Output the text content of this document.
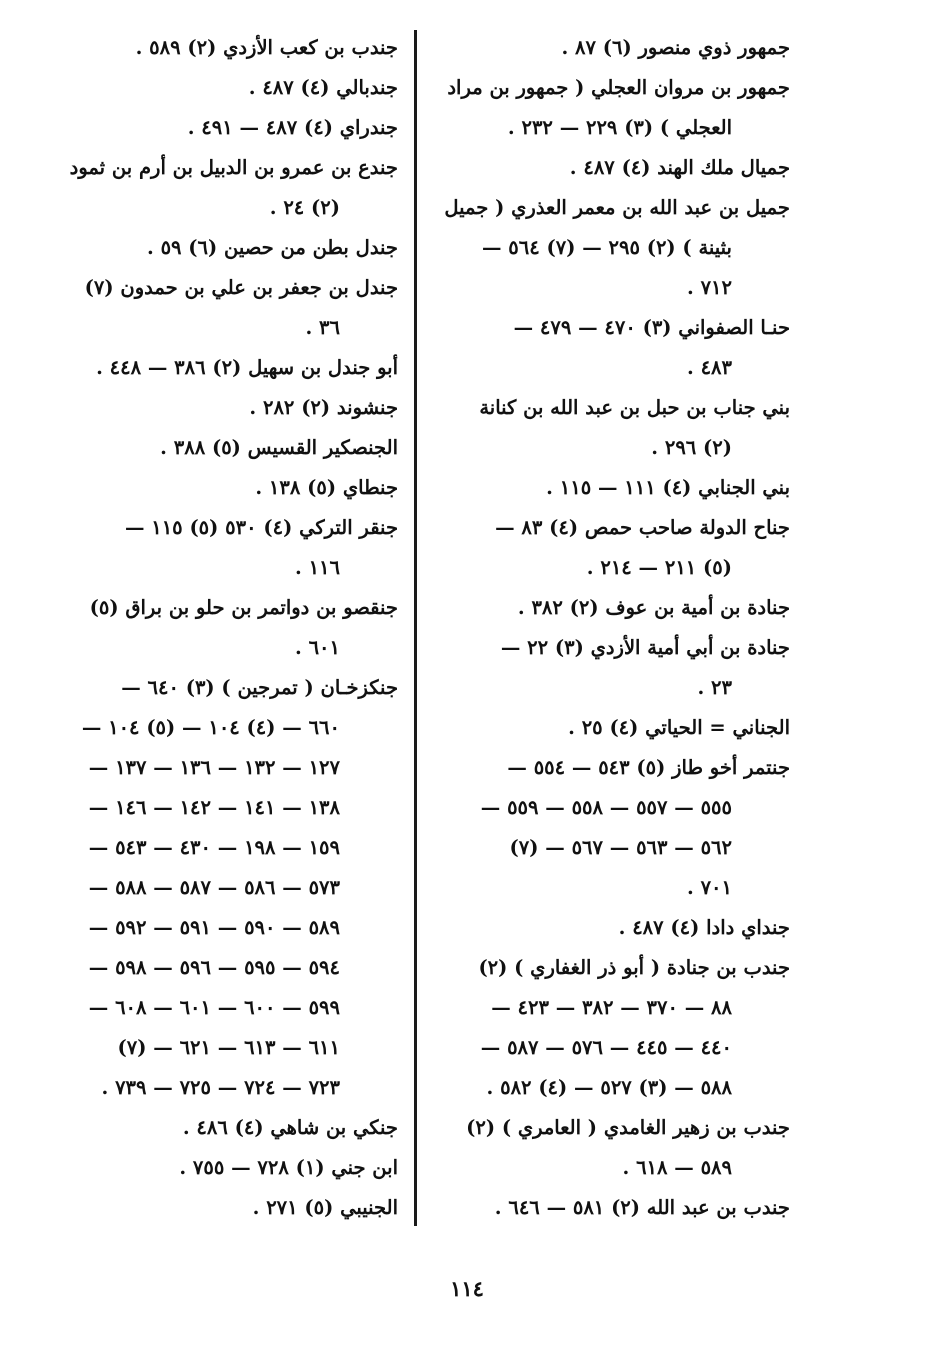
جمهور ذوي منصور (٦) ٨٧ .
جمهور بن مروان العجلي ( جمهور بن مراد
العجلي ) (٣) ٢٢٩ — ٢٣٢ .
جميال ملك الهند (٤) ٤٨٧ .
جميل بن عبد الله بن معمر العذري ( جميل
بثينة ) (٢) ٢٩٥ — (٧) ٥٦٤ —
٧١٢ .
حنـا الصفواني (٣) ٤٧٠ — ٤٧٩ —
٤٨٣ .
بني جناب بن حبل بن عبد الله بن كنانة
(٢) ٢٩٦ .
بني الجنابي (٤) ١١١ — ١١٥ .
جناح الدولة صاحب حمص (٤) ٨٣ —
(٥) ٢١١ — ٢١٤ .
جنادة بن أمية بن عوف (٢) ٣٨٢ .
جنادة بن أبي أمية الأزدي (٣) ٢٢ —
٢٣ .
الجناني = الحياتي (٤) ٢٥ .
جنتمر أخو طاز (٥) ٥٤٣ — ٥٥٤ —
٥٥٥ — ٥٥٧ — ٥٥٨ — ٥٥٩ —
٥٦٢ — ٥٦٣ — ٥٦٧ — (٧)
٧٠١ .
جنداي دادا (٤) ٤٨٧ .
جندب بن جنادة ( أبو ذر الغفاري ) (٢)
٨٨ — ٣٧٠ — ٣٨٢ — ٤٢٣ —
٤٤٠ — ٤٤٥ — ٥٧٦ — ٥٨٧ —
٥٨٨ — (٣) ٥٢٧ — (٤) ٥٨٢ .
جندب بن زهير الغامدي ( العامري ) (٢)
٥٨٩ — ٦١٨ .
جندب بن عبد الله (٢) ٥٨١ — ٦٤٦ .
جندب بن كعب الأزدي (٢) ٥٨٩ .
جندبالي (٤) ٤٨٧ .
جندراي (٤) ٤٨٧ — ٤٩١ .
جندع بن عمرو بن الدبيل بن أرم بن ثمود
(٢) ٢٤ .
جندل بطن من حصين (٦) ٥٩ .
جندل بن جعفر بن علي بن حمدون (٧)
٣٦ .
أبو جندل بن سهيل (٢) ٣٨٦ — ٤٤٨ .
جنشوند (٢) ٢٨٢ .
الجنصكير القسيس (٥) ٣٨٨ .
جنطاي (٥) ١٣٨ .
جنقر التركي (٤) ٥٣٠ (٥) ١١٥ —
١١٦ .
جنقصو بن دواتمر بن حلو بن براق (٥)
٦٠١ .
جنكزخـان ( تمرجين ) (٣) ٦٤٠ —
٦٦٠ — (٤) ١٠٤ — (٥) ١٠٤ —
١٢٧ — ١٣٢ — ١٣٦ — ١٣٧ —
١٣٨ — ١٤١ — ١٤٢ — ١٤٦ —
١٥٩ — ١٩٨ — ٤٣٠ — ٥٤٣ —
٥٧٣ — ٥٨٦ — ٥٨٧ — ٥٨٨ —
٥٨٩ — ٥٩٠ — ٥٩١ — ٥٩٢ —
٥٩٤ — ٥٩٥ — ٥٩٦ — ٥٩٨ —
٥٩٩ — ٦٠٠ — ٦٠١ — ٦٠٨ —
٦١١ — ٦١٣ — ٦٢١ — (٧)
٧٢٣ — ٧٢٤ — ٧٢٥ — ٧٣٩ .
جنكي بن شاهي (٤) ٤٨٦ .
ابن جني (١) ٧٢٨ — ٧٥٥ .
الجنيبي (٥) ٢٧١ .
١١٤
